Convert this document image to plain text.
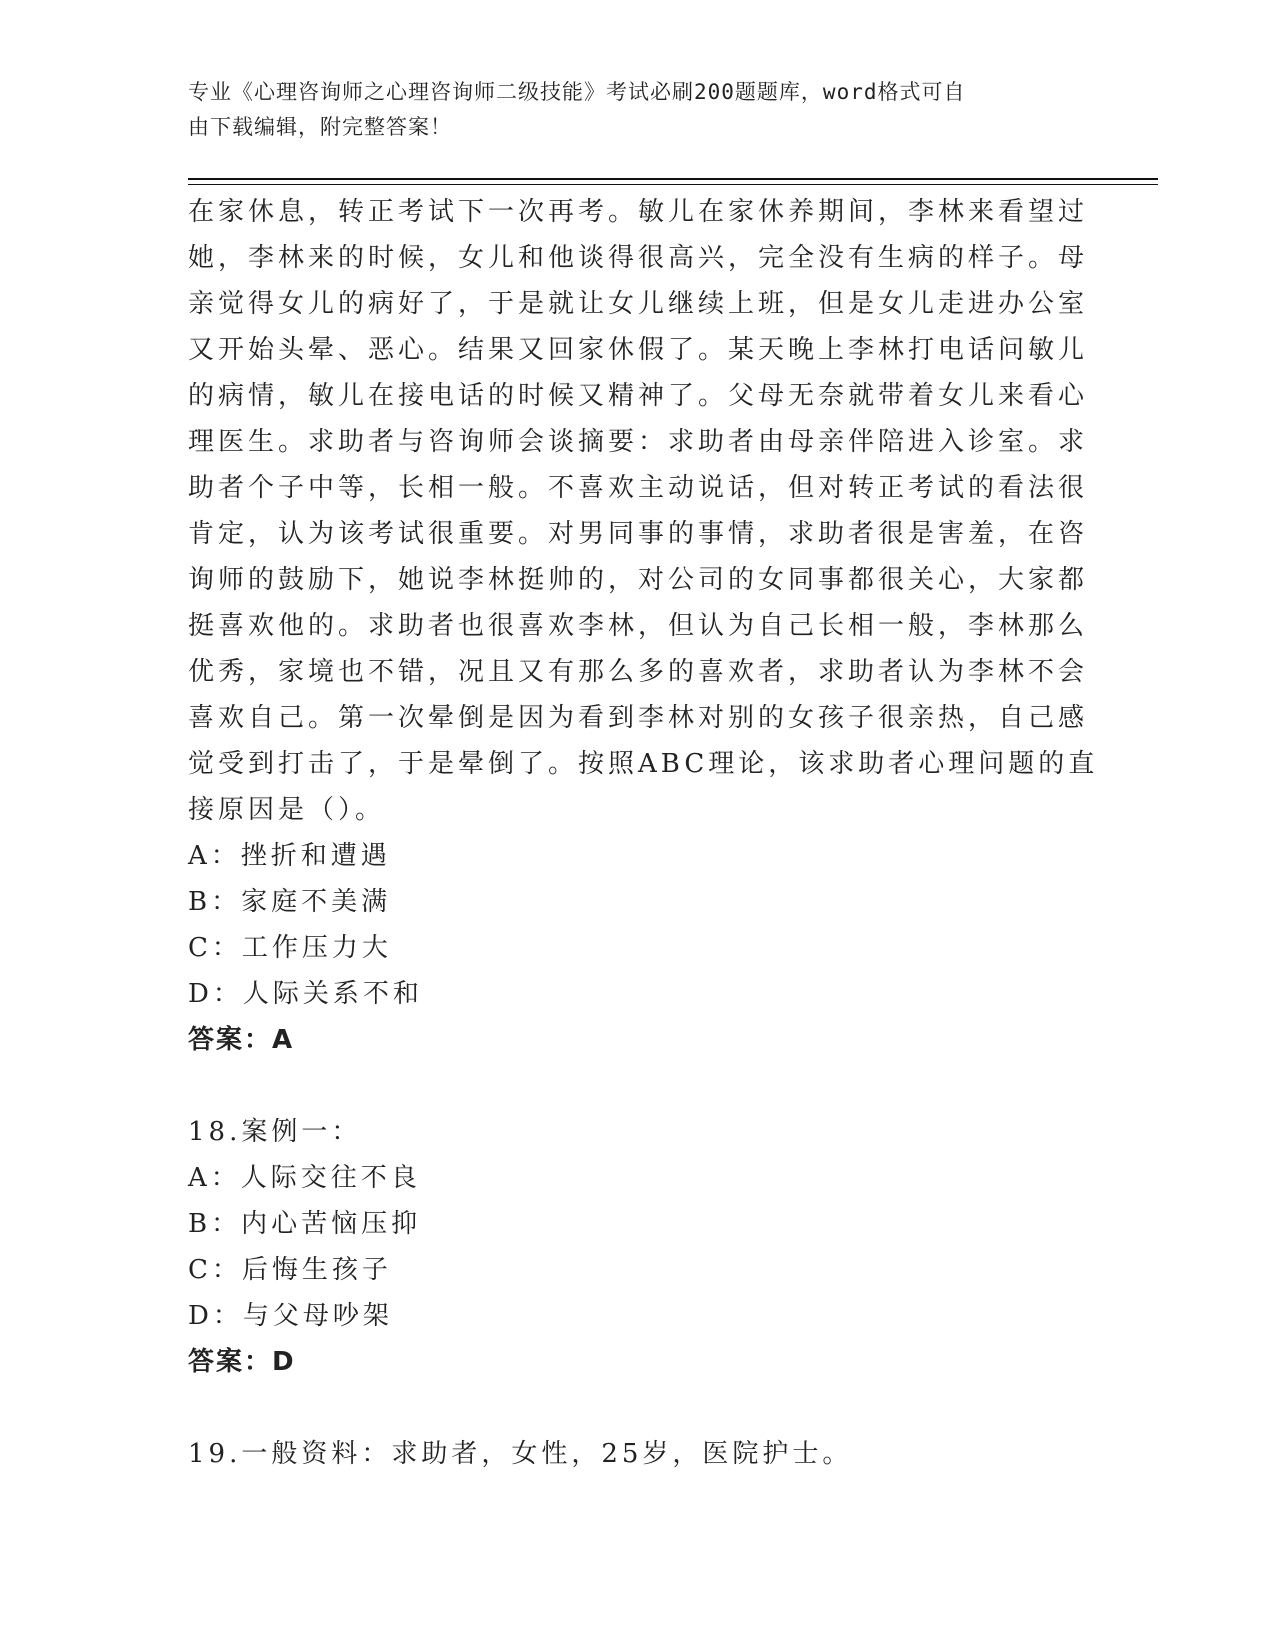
专业《心理咨询师之心理咨询师二级技能》考试必刷200题题库，word格式可自
由下载编辑，附完整答案！
在家休息，转正考试下一次再考。敏儿在家休养期间，李林来看望过
她，李林来的时候，女儿和他谈得很高兴，完全没有生病的样子。母
亲觉得女儿的病好了，于是就让女儿继续上班，但是女儿走进办公室
又开始头晕、恶心。结果又回家休假了。某天晚上李林打电话问敏儿
的病情，敏儿在接电话的时候又精神了。父母无奈就带着女儿来看心
理医生。求助者与咨询师会谈摘要：求助者由母亲伴陪进入诊室。求
助者个子中等，长相一般。不喜欢主动说话，但对转正考试的看法很
肯定，认为该考试很重要。对男同事的事情，求助者很是害羞，在咨
询师的鼓励下，她说李林挺帅的，对公司的女同事都很关心，大家都
挺喜欢他的。求助者也很喜欢李林，但认为自己长相一般，李林那么
优秀，家境也不错，况且又有那么多的喜欢者，求助者认为李林不会
喜欢自己。第一次晕倒是因为看到李林对别的女孩子很亲热，自己感
觉受到打击了，于是晕倒了。按照ABC理论，该求助者心理问题的直
接原因是（）。
A：挫折和遭遇
B：家庭不美满
C：工作压力大
D：人际关系不和
答案：A
18.案例一：
A：人际交往不良
B：内心苦恼压抑
C：后悔生孩子
D：与父母吵架
答案：D
19.一般资料：求助者，女性，25岁，医院护士。
